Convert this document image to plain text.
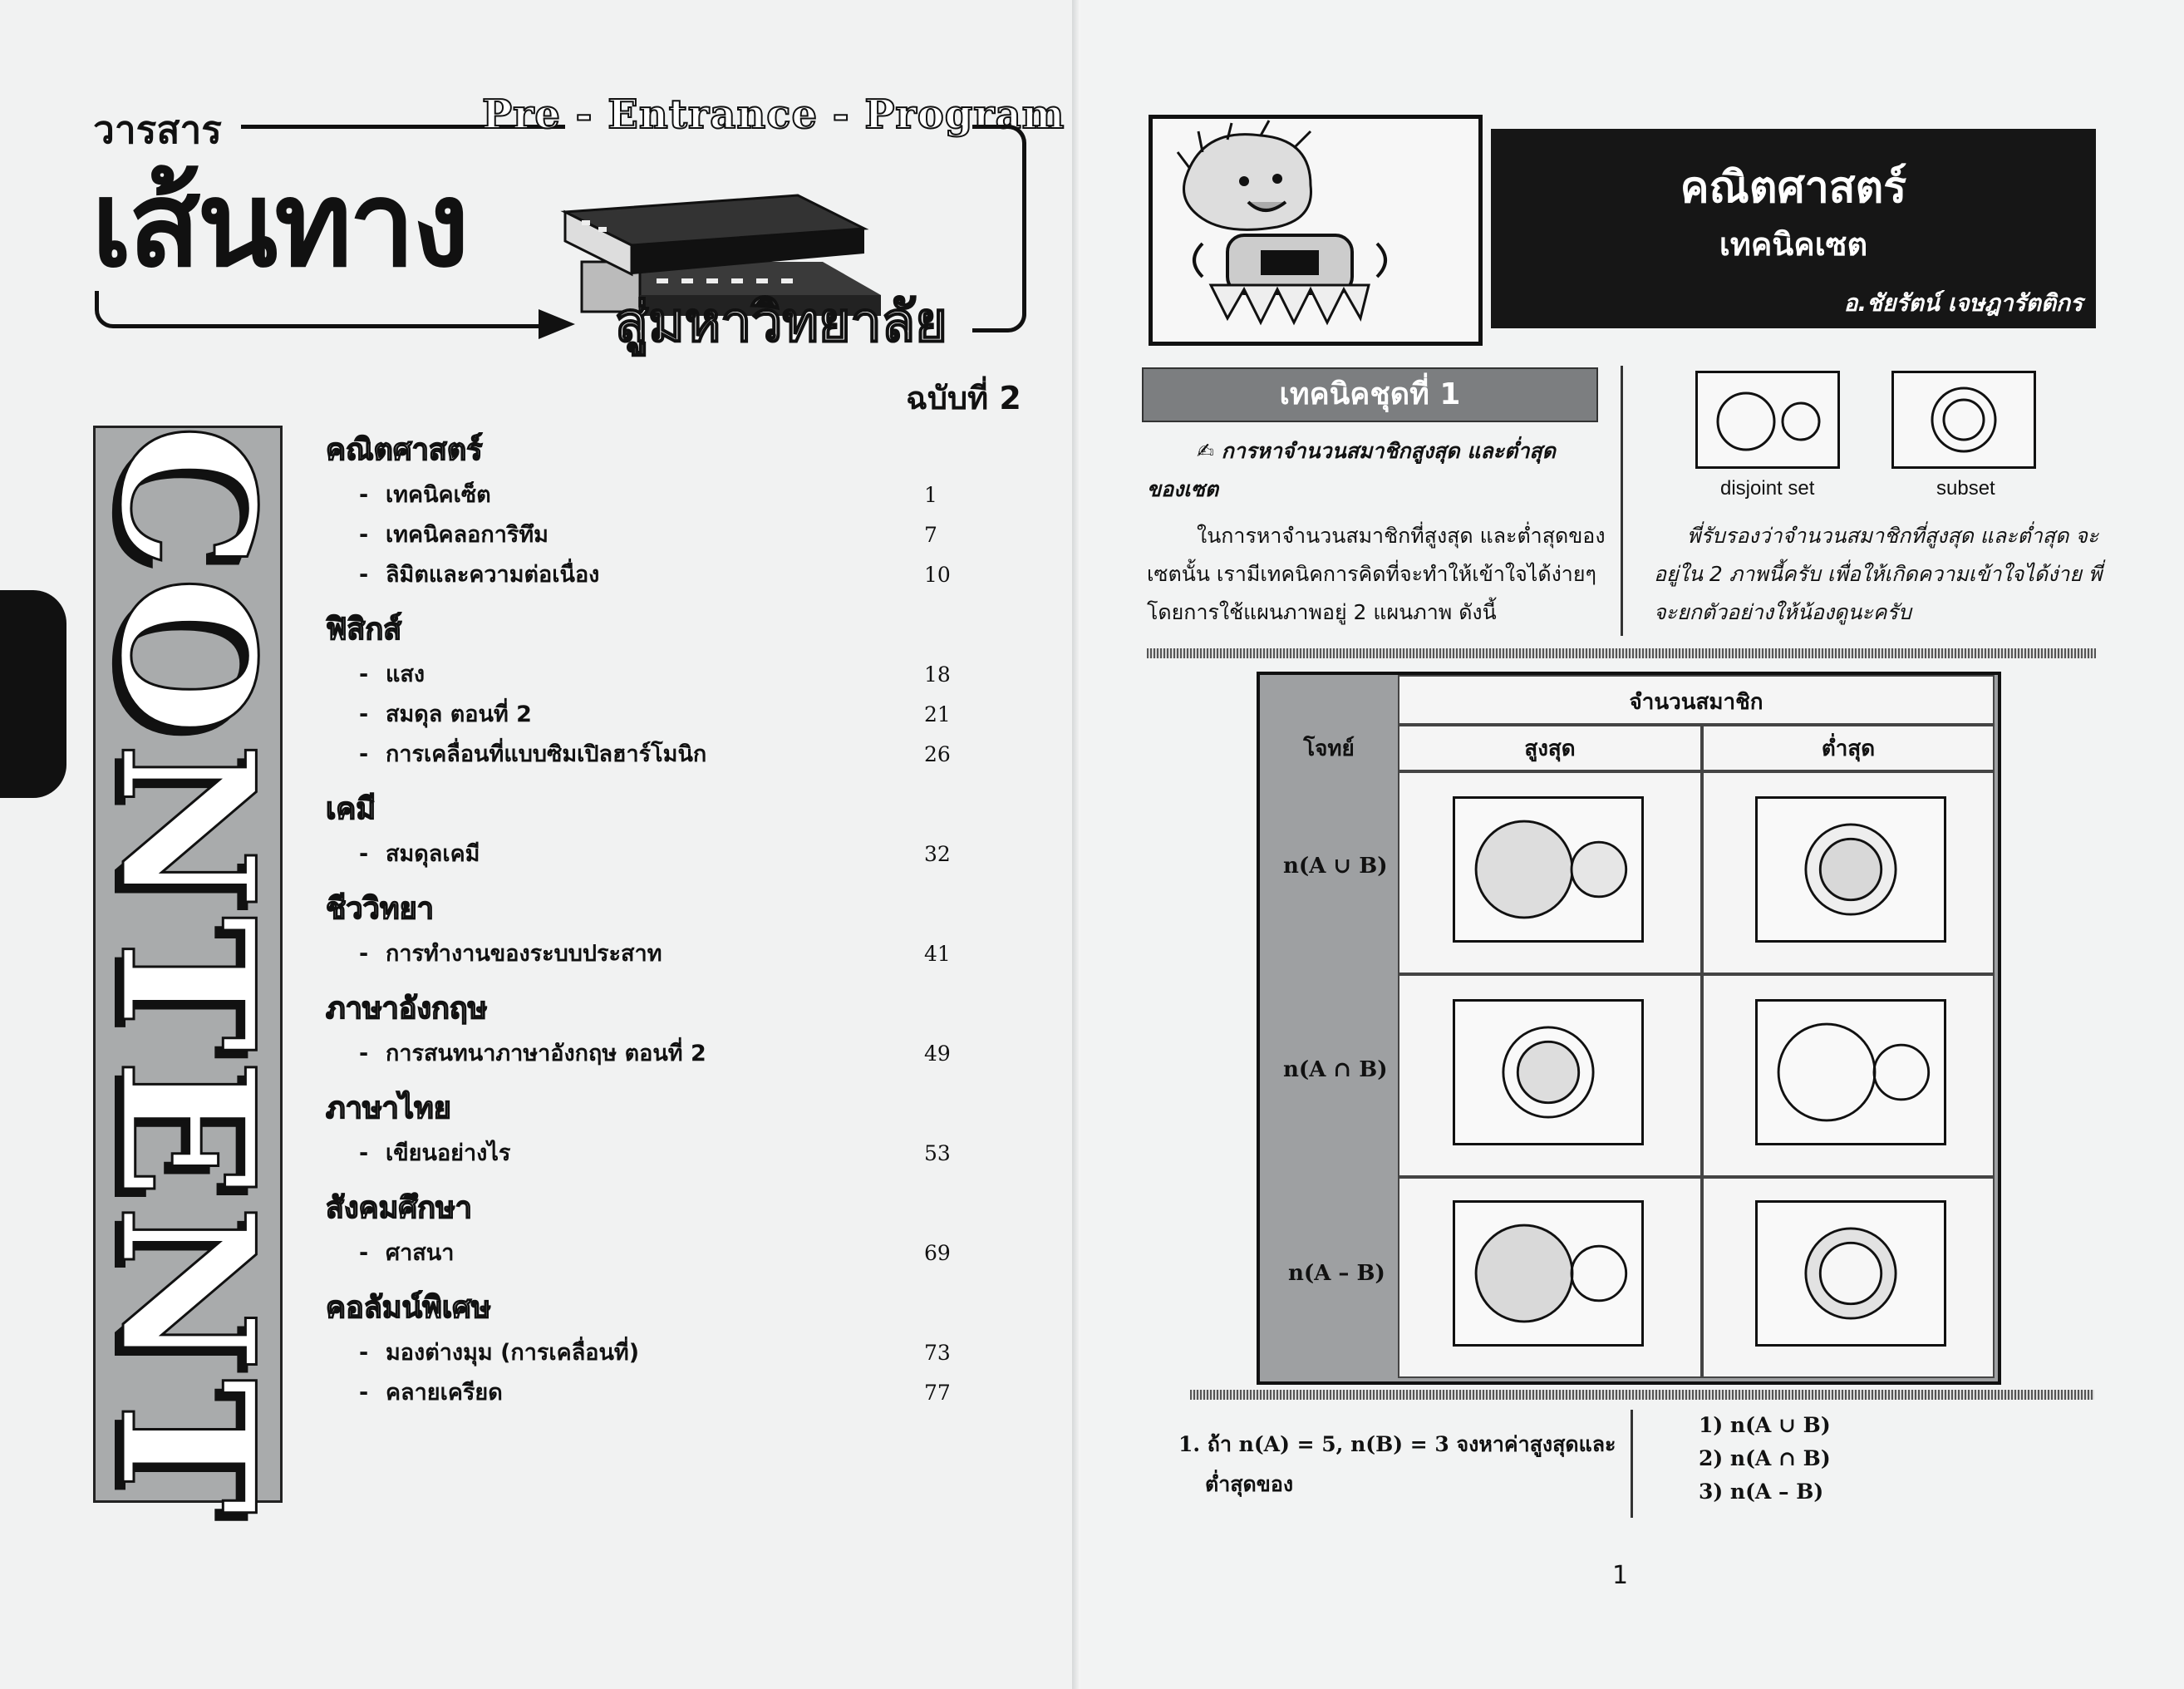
วารสาร	Pre - Entrance - Program
เส้นทาง
สู่มหาวิทยาลัย
ฉบับที่ 2
CONTENT คณิตศาสตร์
- เทคนิคเซ็ต	1
- เทคนิคลอการิทึม	7
- ลิมิตและความต่อเนื่อง	10
ฟิสิกส์
- แสง	18
- สมดุล ตอนที่ 2	21
- การเคลื่อนที่แบบซิมเปิลฮาร์โมนิก	26
เคมี
- สมดุลเคมี	32
ชีววิทยา
- การทำงานของระบบประสาท	41
ภาษาอังกฤษ
- การสนทนาภาษาอังกฤษ ตอนที่ 2	49
ภาษาไทย
- เขียนอย่างไร	53
สังคมศึกษา
- ศาสนา	69
คอลัมน์พิเศษ
- มองต่างมุม (การเคลื่อนที่)	73
- คลายเครียด	77
คณิตศาสตร์
เทคนิคเซต
อ.ชัยรัตน์ เจษฎารัตติกร
เทคนิคชุดที่ 1
✍ การหาจำนวนสมาชิกสูงสุด และต่ำสุด
ของเซต
ในการหาจำนวนสมาชิกที่สูงสุด และต่ำสุดของ
เซตนั้น เรามีเทคนิคการคิดที่จะทำให้เข้าใจได้ง่ายๆ
โดยการใช้แผนภาพอยู่ 2 แผนภาพ ดังนี้
disjoint set	subset
พี่รับรองว่าจำนวนสมาชิกที่สูงสุด และต่ำสุด จะ
อยู่ใน 2 ภาพนี้ครับ เพื่อให้เกิดความเข้าใจได้ง่าย พี่
จะยกตัวอย่างให้น้องดูนะครับ
จำนวนสมาชิก
โจทย์	สูงสุด	ต่ำสุด
n(A ∪ B)
n(A ∩ B)
n(A – B)
1. ถ้า n(A) = 5, n(B) = 3 จงหาค่าสูงสุดและ
ต่ำสุดของ
1) n(A ∪ B)
2) n(A ∩ B)
3) n(A – B)
1
